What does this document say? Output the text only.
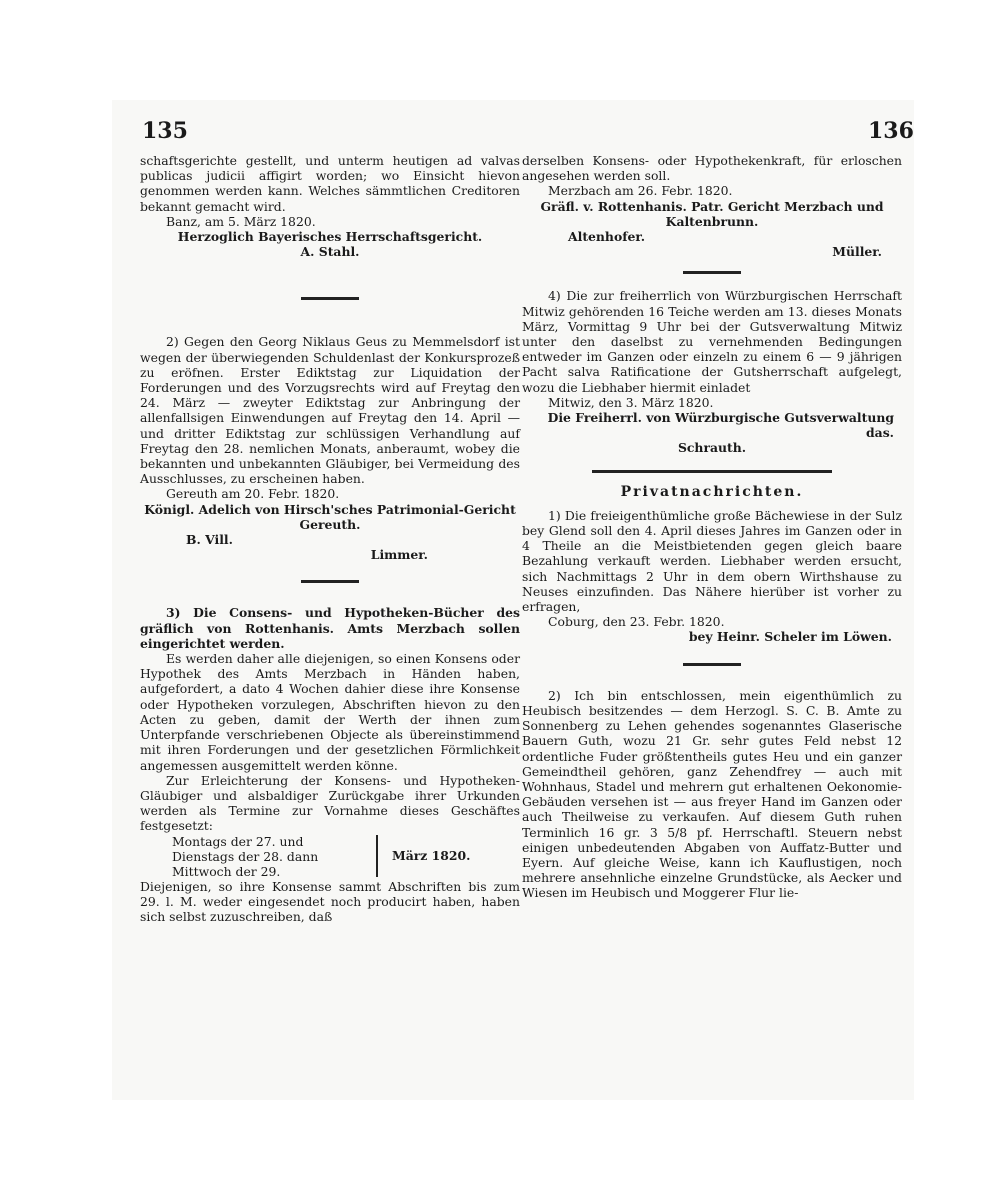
135	136

schaftsgerichte gestellt, und unterm heutigen ad valvas publicas judicii affigirt worden; wo Einsicht hievon genommen werden kann. Welches sämmtlichen Creditoren bekannt gemacht wird.

Banz, am 5. März 1820.

Herzoglich Bayerisches Herrschaftsgericht.

A. Stahl.

2) Gegen den Georg Niklaus Geus zu Memmelsdorf ist wegen der überwiegenden Schuldenlast der Konkursprozeß zu eröfnen. Erster Ediktstag zur Liquidation der Forderungen und des Vorzugsrechts wird auf Freytag den 24. März — zweyter Ediktstag zur Anbringung der allenfallsigen Einwendungen auf Freytag den 14. April — und dritter Ediktstag zur schlüssigen Verhandlung auf Freytag den 28. nemlichen Monats, anberaumt, wobey die bekannten und unbekannten Gläubiger, bei Vermeidung des Ausschlusses, zu erscheinen haben.

Gereuth am 20. Febr. 1820.

Königl. Adelich von Hirsch'sches Patrimonial-Gericht Gereuth.

B. Vill.

Limmer.

3) Die Consens- und Hypotheken-Bücher des gräflich von Rottenhanis. Amts Merzbach sollen eingerichtet werden.

Es werden daher alle diejenigen, so einen Konsens oder Hypothek des Amts Merzbach in Händen haben, aufgefordert, a dato 4 Wochen dahier diese ihre Konsense oder Hypotheken vorzulegen, Abschriften hievon zu den Acten zu geben, damit der Werth der ihnen zum Unterpfande verschriebenen Objecte als übereinstimmend mit ihren Forderungen und der gesetzlichen Förmlichkeit angemessen ausgemittelt werden könne.

Zur Erleichterung der Konsens- und Hypotheken-Gläubiger und alsbaldiger Zurückgabe ihrer Urkunden werden als Termine zur Vornahme dieses Geschäftes festgesetzt:

Montags der 27. und
Dienstags der 28. dann
Mittwoch der 29.
März 1820.

Diejenigen, so ihre Konsense sammt Abschriften bis zum 29. l. M. weder eingesendet noch producirt haben, haben sich selbst zuzuschreiben, daß

derselben Konsens- oder Hypothekenkraft, für erloschen angesehen werden soll.

Merzbach am 26. Febr. 1820.

Gräfl. v. Rottenhanis. Patr. Gericht Merzbach und Kaltenbrunn.

Altenhofer.

Müller.

4) Die zur freiherrlich von Würzburgischen Herrschaft Mitwiz gehörenden 16 Teiche werden am 13. dieses Monats März, Vormittag 9 Uhr bei der Gutsverwaltung Mitwiz unter den daselbst zu vernehmenden Bedingungen entweder im Ganzen oder einzeln zu einem 6 — 9 jährigen Pacht salva Ratificatione der Gutsherrschaft aufgelegt, wozu die Liebhaber hiermit einladet

Mitwiz, den 3. März 1820.

Die Freiherrl. von Würzburgische Gutsverwaltung das.

Schrauth.

Privatnachrichten.

1) Die freieigenthümliche große Bächewiese in der Sulz bey Glend soll den 4. April dieses Jahres im Ganzen oder in 4 Theile an die Meistbietenden gegen gleich baare Bezahlung verkauft werden. Liebhaber werden ersucht, sich Nachmittags 2 Uhr in dem obern Wirthshause zu Neuses einzufinden. Das Nähere hierüber ist vorher zu erfragen,

Coburg, den 23. Febr. 1820.

bey Heinr. Scheler im Löwen.

2) Ich bin entschlossen, mein eigenthümlich zu Heubisch besitzendes — dem Herzogl. S. C. B. Amte zu Sonnenberg zu Lehen gehendes sogenanntes Glaserische Bauern Guth, wozu 21 Gr. sehr gutes Feld nebst 12 ordentliche Fuder größtentheils gutes Heu und ein ganzer Gemeindtheil gehören, ganz Zehendfrey — auch mit Wohnhaus, Stadel und mehrern gut erhaltenen Oekonomie-Gebäuden versehen ist — aus freyer Hand im Ganzen oder auch Theilweise zu verkaufen. Auf diesem Guth ruhen Terminlich 16 gr. 3 5/8 pf. Herrschaftl. Steuern nebst einigen unbedeutenden Abgaben von Auffatz-Butter und Eyern. Auf gleiche Weise, kann ich Kauflustigen, noch mehrere ansehnliche einzelne Grundstücke, als Aecker und Wiesen im Heubisch und Moggerer Flur lie-
